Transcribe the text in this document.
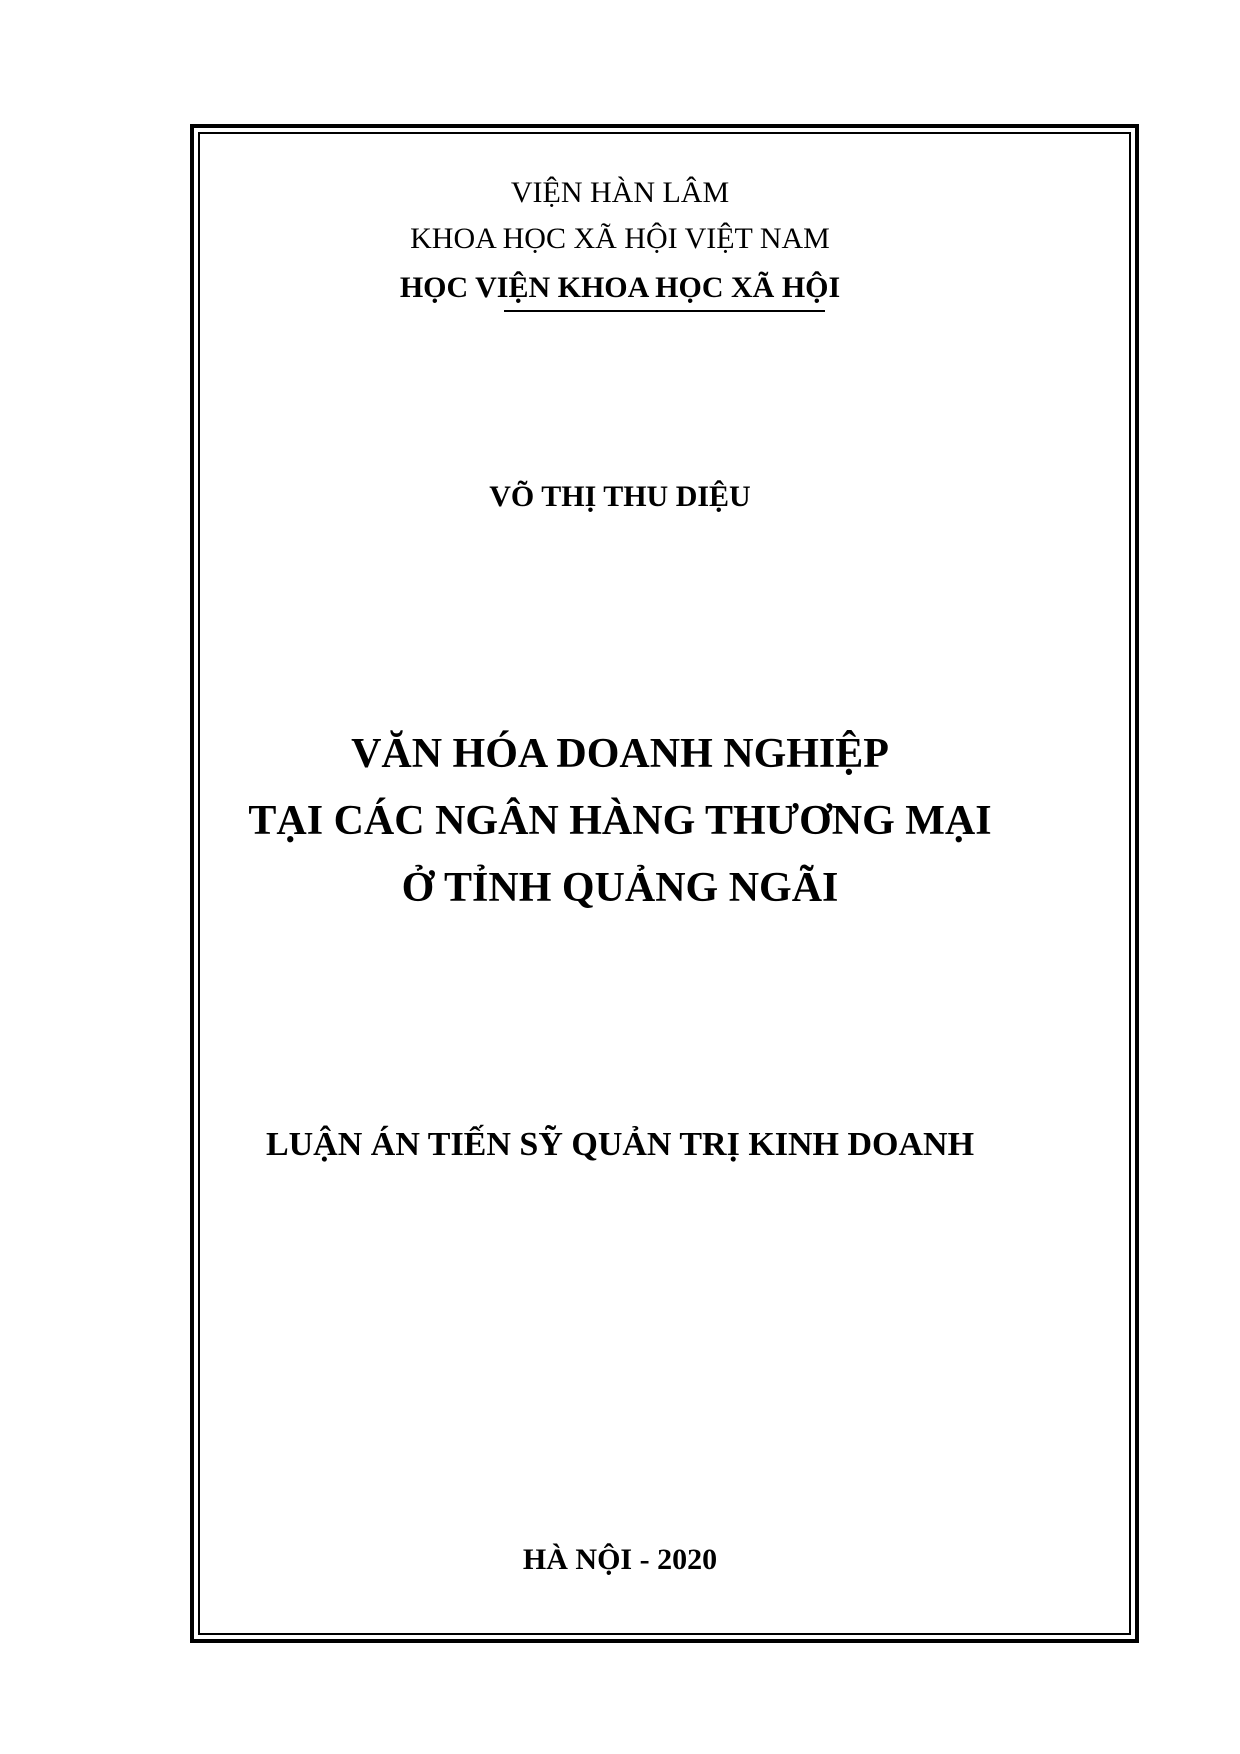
VIỆN HÀN LÂM
KHOA HỌC XÃ HỘI VIỆT NAM
HỌC VIỆN KHOA HỌC XÃ HỘI
VÕ THỊ THU DIỆU
VĂN HÓA DOANH NGHIỆP
TẠI CÁC NGÂN HÀNG THƯƠNG MẠI
Ở TỈNH QUẢNG NGÃI
LUẬN ÁN TIẾN SỸ QUẢN TRỊ KINH DOANH
HÀ NỘI - 2020
